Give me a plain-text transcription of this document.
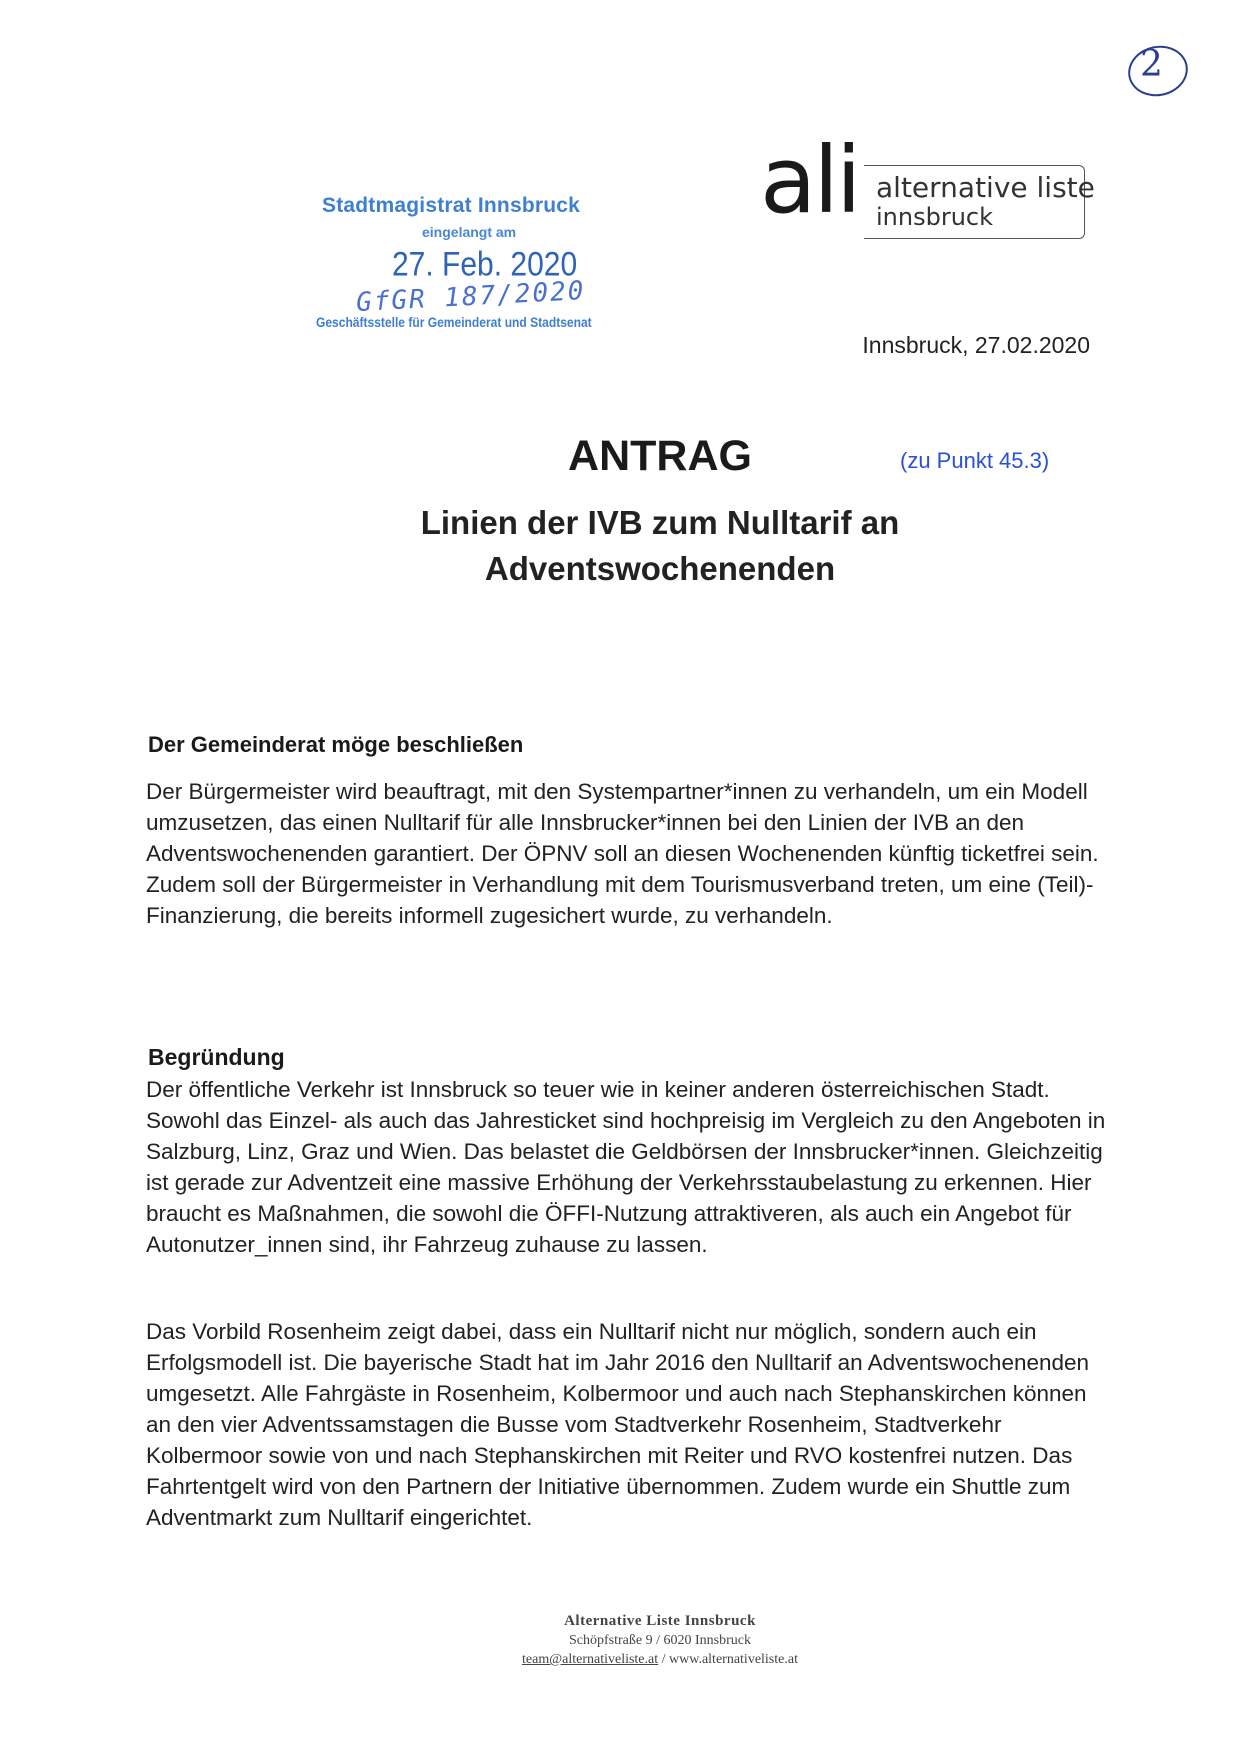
2
Stadtmagistrat Innsbruck
eingelangt am
27. Feb. 2020
GfGR 187/2020
Geschäftsstelle für Gemeinderat und Stadtsenat
ali alternative liste
innsbruck
Innsbruck, 27.02.2020
ANTRAG	(zu Punkt 45.3)
Linien der IVB zum Nulltarif an
Adventswochenenden
Der Gemeinderat möge beschließen
Der Bürgermeister wird beauftragt, mit den Systempartner*innen zu verhandeln, um ein Modell umzusetzen, das einen Nulltarif für alle Innsbrucker*innen bei den Linien der IVB an den Adventswochenenden garantiert. Der ÖPNV soll an diesen Wochenenden künftig ticketfrei sein. Zudem soll der Bürgermeister in Verhandlung mit dem Tourismusverband treten, um eine (Teil)-Finanzierung, die bereits informell zugesichert wurde, zu verhandeln.
Begründung
Der öffentliche Verkehr ist Innsbruck so teuer wie in keiner anderen österreichischen Stadt. Sowohl das Einzel- als auch das Jahresticket sind hochpreisig im Vergleich zu den Angeboten in Salzburg, Linz, Graz und Wien. Das belastet die Geldbörsen der Innsbrucker*innen. Gleichzeitig ist gerade zur Adventzeit eine massive Erhöhung der Verkehrsstaubelastung zu erkennen. Hier braucht es Maßnahmen, die sowohl die ÖFFI-Nutzung attraktiveren, als auch ein Angebot für Autonutzer_innen sind, ihr Fahrzeug zuhause zu lassen.
Das Vorbild Rosenheim zeigt dabei, dass ein Nulltarif nicht nur möglich, sondern auch ein Erfolgsmodell ist. Die bayerische Stadt hat im Jahr 2016 den Nulltarif an Adventswochenenden umgesetzt. Alle Fahrgäste in Rosenheim, Kolbermoor und auch nach Stephanskirchen können an den vier Adventssamstagen die Busse vom Stadtverkehr Rosenheim, Stadtverkehr Kolbermoor sowie von und nach Stephanskirchen mit Reiter und RVO kostenfrei nutzen. Das Fahrtentgelt wird von den Partnern der Initiative übernommen. Zudem wurde ein Shuttle zum Adventmarkt zum Nulltarif eingerichtet.
Alternative Liste Innsbruck
Schöpfstraße 9 / 6020 Innsbruck
team@alternativeliste.at / www.alternativeliste.at
